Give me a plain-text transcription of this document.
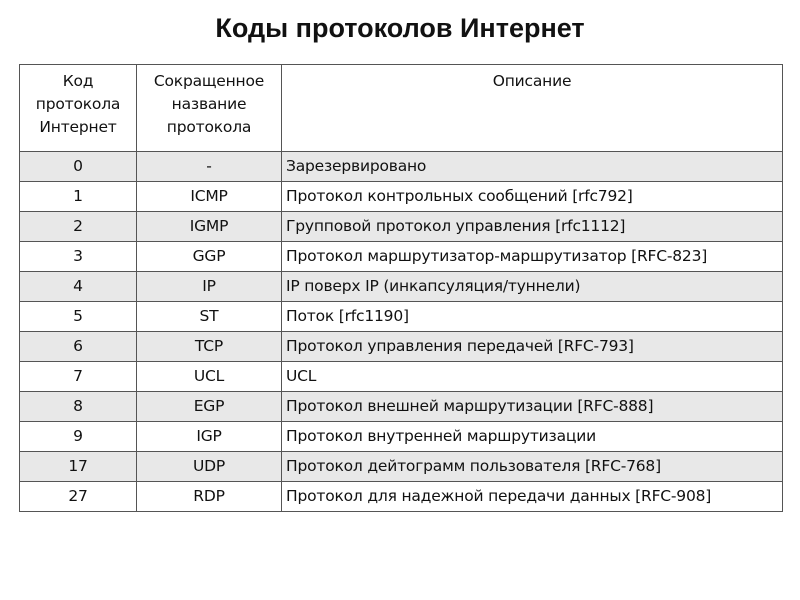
Коды протоколов Интернет
Код
протокола
Интернет	Сокращенное
название
протокола	Описание

0	-	Зарезервировано
1	ICMP	Протокол контрольных сообщений [rfc792]
2	IGMP	Групповой протокол управления [rfc1112]
3	GGP	Протокол маршрутизатор-маршрутизатор [RFC-823]
4	IP	IP поверх IP (инкапсуляция/туннели)
5	ST	Поток [rfc1190]
6	TCP	Протокол управления передачей [RFC-793]
7	UCL	UCL
8	EGP	Протокол внешней маршрутизации [RFC-888]
9	IGP	Протокол внутренней маршрутизации
17	UDP	Протокол дейтограмм пользователя [RFC-768]
27	RDP	Протокол для надежной передачи данных [RFC-908]
